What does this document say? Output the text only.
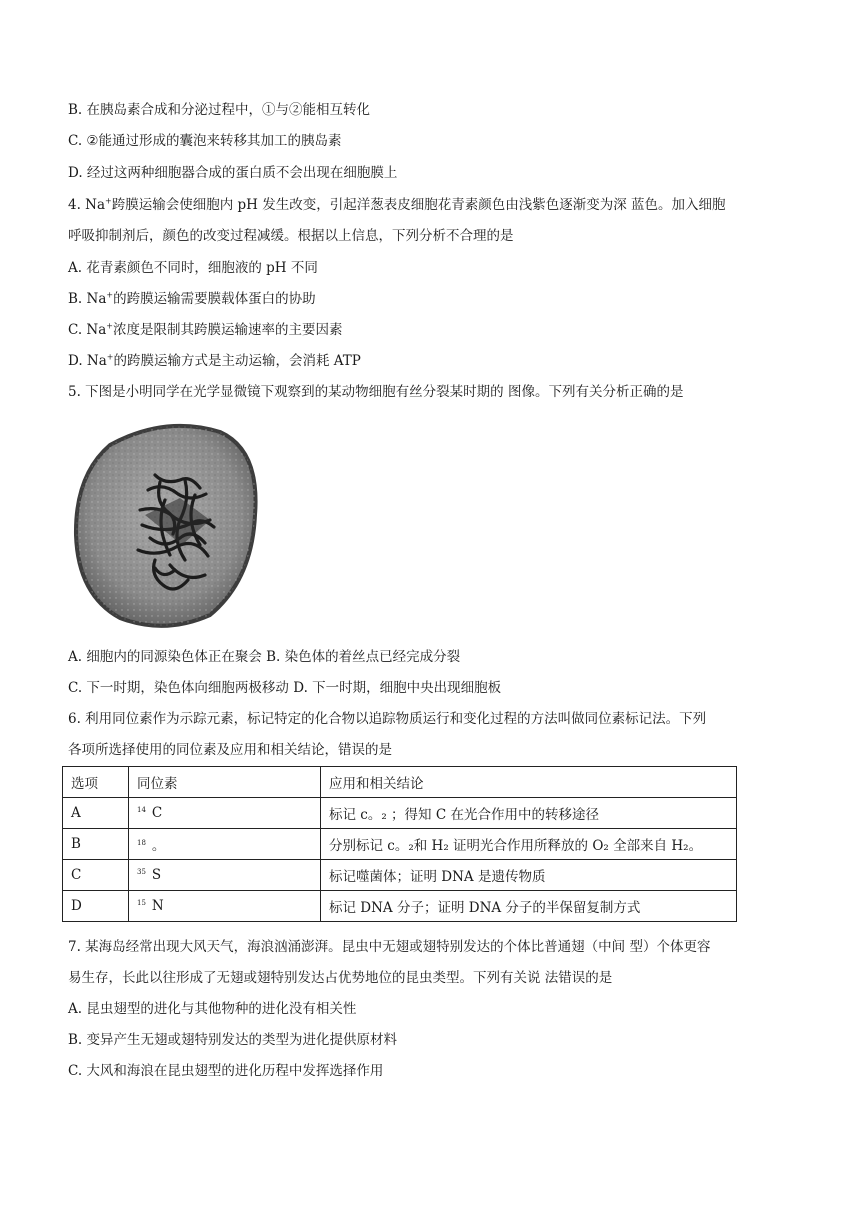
B. 在胰岛素合成和分泌过程中，①与②能相互转化
C. ②能通过形成的囊泡来转移其加工的胰岛素
D. 经过这两种细胞器合成的蛋白质不会出现在细胞膜上
4. Na+跨膜运输会使细胞内 pH 发生改变，引起洋葱表皮细胞花青素颜色由浅紫色逐渐变为深 蓝色。加入细胞
呼吸抑制剂后，颜色的改变过程减缓。根据以上信息，下列分析不合理的是
A. 花青素颜色不同时，细胞液的 pH 不同
B. Na+的跨膜运输需要膜载体蛋白的协助
C. Na+浓度是限制其跨膜运输速率的主要因素
D. Na+的跨膜运输方式是主动运输，会消耗 ATP
5. 下图是小明同学在光学显微镜下观察到的某动物细胞有丝分裂某时期的 图像。下列有关分析正确的是
A. 细胞内的同源染色体正在聚会 B. 染色体的着丝点已经完成分裂
C. 下一时期，染色体向细胞两极移动 D. 下一时期，细胞中央出现细胞板
6. 利用同位素作为示踪元素，标记特定的化合物以追踪物质运行和变化过程的方法叫做同位素标记法。下列
各项所选择使用的同位素及应用和相关结论，错误的是
选项	同位素	应用和相关结论
A	$^{14}$ C	标记 c。₂ ；得知 C 在光合作用中的转移途径
B	$^{18}$ 。	分别标记 c。₂和 H₂ 证明光合作用所释放的 O₂ 全部来自 H₂。
C	$^{35}$ S	标记噬菌体；证明 DNA 是遗传物质
D	$^{15}$ N	标记 DNA 分子；证明 DNA 分子的半保留复制方式
7. 某海岛经常出现大风天气，海浪汹涌澎湃。昆虫中无翅或翅特别发达的个体比普通翅（中间 型）个体更容
易生存，长此以往形成了无翅或翅特别发达占优势地位的昆虫类型。下列有关说 法错误的是
A. 昆虫翅型的进化与其他物种的进化没有相关性
B. 变异产生无翅或翅特别发达的类型为进化提供原材料
C. 大风和海浪在昆虫翅型的进化历程中发挥选择作用
